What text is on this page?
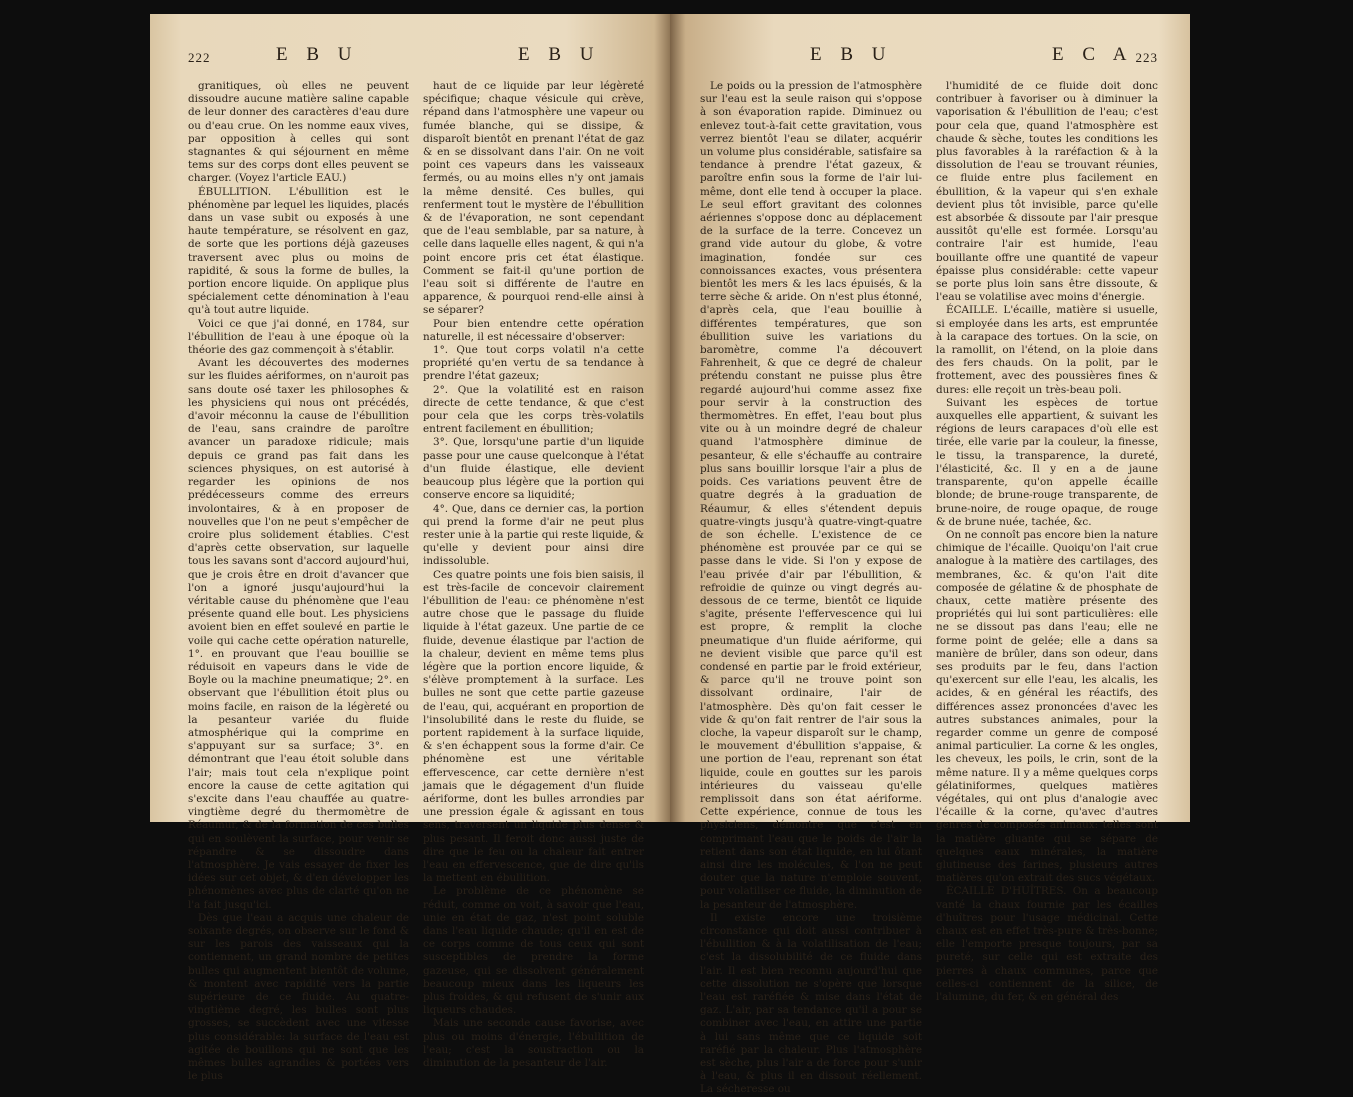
222	E B U	E B U

granitiques, où elles ne peuvent dissoudre aucune matière saline capable de leur donner des caractères d'eau dure ou d'eau crue. On les nomme eaux vives, par opposition à celles qui sont stagnantes & qui séjournent en même tems sur des corps dont elles peuvent se charger. (Voyez l'article EAU.)

ÉBULLITION. L'ébullition est le phénomène par lequel les liquides, placés dans un vase subit ou exposés à une haute température, se résolvent en gaz, de sorte que les portions déjà gazeuses traversent avec plus ou moins de rapidité, & sous la forme de bulles, la portion encore liquide. On applique plus spécialement cette dénomination à l'eau qu'à tout autre liquide.

Voici ce que j'ai donné, en 1784, sur l'ébullition de l'eau à une époque où la théorie des gaz commençoit à s'établir.

Avant les découvertes des modernes sur les fluides aériformes, on n'auroit pas sans doute osé taxer les philosophes & les physiciens qui nous ont précédés, d'avoir méconnu la cause de l'ébullition de l'eau, sans craindre de paroître avancer un paradoxe ridicule; mais depuis ce grand pas fait dans les sciences physiques, on est autorisé à regarder les opinions de nos prédécesseurs comme des erreurs involontaires, & à en proposer de nouvelles que l'on ne peut s'empêcher de croire plus solidement établies. C'est d'après cette observation, sur laquelle tous les savans sont d'accord aujourd'hui, que je crois être en droit d'avancer que l'on a ignoré jusqu'aujourd'hui la véritable cause du phénomène que l'eau présente quand elle bout. Les physiciens avoient bien en effet soulevé en partie le voile qui cache cette opération naturelle, 1°. en prouvant que l'eau bouillie se réduisoit en vapeurs dans le vide de Boyle ou la machine pneumatique; 2°. en observant que l'ébullition étoit plus ou moins facile, en raison de la légèreté ou la pesanteur variée du fluide atmosphérique qui la comprime en s'appuyant sur sa surface; 3°. en démontrant que l'eau étoit soluble dans l'air; mais tout cela n'explique point encore la cause de cette agitation qui s'excite dans l'eau chauffée au quatre-vingtième degré du thermomètre de Réaumur, & de la formation de ces bulles qui en soulèvent la surface, pour venir se répandre & se dissoudre dans l'atmosphère. Je vais essayer de fixer les idées sur cet objet, & d'en développer les phénomènes avec plus de clarté qu'on ne l'a fait jusqu'ici.

Dès que l'eau a acquis une chaleur de soixante degrés, on observe sur le fond & sur les parois des vaisseaux qui la contiennent, un grand nombre de petites bulles qui augmentent bientôt de volume, & montent avec rapidité vers la partie supérieure de ce fluide. Au quatre-vingtième degré, les bulles sont plus grosses, se succèdent avec une vitesse plus considérable: la surface de l'eau est agitée de bouillons qui ne sont que les mêmes bulles agrandies & portées vers le plus

haut de ce liquide par leur légèreté spécifique; chaque vésicule qui crève, répand dans l'atmosphère une vapeur ou fumée blanche, qui se dissipe, & disparoît bientôt en prenant l'état de gaz & en se dissolvant dans l'air. On ne voit point ces vapeurs dans les vaisseaux fermés, ou au moins elles n'y ont jamais la même densité. Ces bulles, qui renferment tout le mystère de l'ébullition & de l'évaporation, ne sont cependant que de l'eau semblable, par sa nature, à celle dans laquelle elles nagent, & qui n'a point encore pris cet état élastique. Comment se fait-il qu'une portion de l'eau soit si différente de l'autre en apparence, & pourquoi rend-elle ainsi à se séparer?

Pour bien entendre cette opération naturelle, il est nécessaire d'observer:

1°. Que tout corps volatil n'a cette propriété qu'en vertu de sa tendance à prendre l'état gazeux;

2°. Que la volatilité est en raison directe de cette tendance, & que c'est pour cela que les corps très-volatils entrent facilement en ébullition;

3°. Que, lorsqu'une partie d'un liquide passe pour une cause quelconque à l'état d'un fluide élastique, elle devient beaucoup plus légère que la portion qui conserve encore sa liquidité;

4°. Que, dans ce dernier cas, la portion qui prend la forme d'air ne peut plus rester unie à la partie qui reste liquide, & qu'elle y devient pour ainsi dire indissoluble.

Ces quatre points une fois bien saisis, il est très-facile de concevoir clairement l'ébullition de l'eau: ce phénomène n'est autre chose que le passage du fluide liquide à l'état gazeux. Une partie de ce fluide, devenue élastique par l'action de la chaleur, devient en même tems plus légère que la portion encore liquide, & s'élève promptement à la surface. Les bulles ne sont que cette partie gazeuse de l'eau, qui, acquérant en proportion de l'insolubilité dans le reste du fluide, se portent rapidement à la surface liquide, & s'en échappent sous la forme d'air. Ce phénomène est une véritable effervescence, car cette dernière n'est jamais que le dégagement d'un fluide aériforme, dont les bulles arrondies par une pression égale & agissant en tous sens, traversent un liquide plus dense & plus pesant. Il feroit donc aussi juste de dire que le feu ou la chaleur fait entrer l'eau en effervescence, que de dire qu'ils la mettent en ébullition.

Le problème de ce phénomène se réduit, comme on voit, à savoir que l'eau, unie en état de gaz, n'est point soluble dans l'eau liquide chaude; qu'il en est de ce corps comme de tous ceux qui sont susceptibles de prendre la forme gazeuse, qui se dissolvent généralement beaucoup mieux dans les liqueurs les plus froides, & qui refusent de s'unir aux liqueurs chaudes.

Mais une seconde cause favorise, avec plus ou moins d'énergie, l'ébullition de l'eau; c'est la soustraction ou la diminution de la pesanteur de l'air.

E B U	E C A 223

Le poids ou la pression de l'atmosphère sur l'eau est la seule raison qui s'oppose à son évaporation rapide. Diminuez ou enlevez tout-à-fait cette gravitation, vous verrez bientôt l'eau se dilater, acquérir un volume plus considérable, satisfaire sa tendance à prendre l'état gazeux, & paroître enfin sous la forme de l'air lui-même, dont elle tend à occuper la place. Le seul effort gravitant des colonnes aériennes s'oppose donc au déplacement de la surface de la terre. Concevez un grand vide autour du globe, & votre imagination, fondée sur ces connoissances exactes, vous présentera bientôt les mers & les lacs épuisés, & la terre sèche & aride. On n'est plus étonné, d'après cela, que l'eau bouillie à différentes températures, que son ébullition suive les variations du baromètre, comme l'a découvert Fahrenheit, & que ce degré de chaleur prétendu constant ne puisse plus être regardé aujourd'hui comme assez fixe pour servir à la construction des thermomètres. En effet, l'eau bout plus vite ou à un moindre degré de chaleur quand l'atmosphère diminue de pesanteur, & elle s'échauffe au contraire plus sans bouillir lorsque l'air a plus de poids. Ces variations peuvent être de quatre degrés à la graduation de Réaumur, & elles s'étendent depuis quatre-vingts jusqu'à quatre-vingt-quatre de son échelle. L'existence de ce phénomène est prouvée par ce qui se passe dans le vide. Si l'on y expose de l'eau privée d'air par l'ébullition, & refroidie de quinze ou vingt degrés au-dessous de ce terme, bientôt ce liquide s'agite, présente l'effervescence qui lui est propre, & remplit la cloche pneumatique d'un fluide aériforme, qui ne devient visible que parce qu'il est condensé en partie par le froid extérieur, & parce qu'il ne trouve point son dissolvant ordinaire, l'air de l'atmosphère. Dès qu'on fait cesser le vide & qu'on fait rentrer de l'air sous la cloche, la vapeur disparoît sur le champ, le mouvement d'ébullition s'appaise, & une portion de l'eau, reprenant son état liquide, coule en gouttes sur les parois intérieures du vaisseau qu'elle remplissoit dans son état aériforme. Cette expérience, connue de tous les physiciens, démontre que c'est en comprimant l'eau que le poids de l'air la retient dans son état liquide, en lui ôtant ainsi dire les molécules, & l'on ne peut douter que la nature n'emploie souvent, pour volatiliser ce fluide, la diminution de la pesanteur de l'atmosphère.

Il existe encore une troisième circonstance qui doit aussi contribuer à l'ébullition & à la volatilisation de l'eau; c'est la dissolubilité de ce fluide dans l'air. Il est bien reconnu aujourd'hui que cette dissolution ne s'opère que lorsque l'eau est raréfiée & mise dans l'état de gaz. L'air, par sa tendance qu'il a pour se combiner avec l'eau, en attire une partie à lui sans même que ce liquide soit raréfié par la chaleur. Plus l'atmosphère est sèche, plus l'air a de force pour s'unir à l'eau, & plus il en dissout réellement. La sécheresse ou

l'humidité de ce fluide doit donc contribuer à favoriser ou à diminuer la vaporisation & l'ébullition de l'eau; c'est pour cela que, quand l'atmosphère est chaude & sèche, toutes les conditions les plus favorables à la raréfaction & à la dissolution de l'eau se trouvant réunies, ce fluide entre plus facilement en ébullition, & la vapeur qui s'en exhale devient plus tôt invisible, parce qu'elle est absorbée & dissoute par l'air presque aussitôt qu'elle est formée. Lorsqu'au contraire l'air est humide, l'eau bouillante offre une quantité de vapeur épaisse plus considérable: cette vapeur se porte plus loin sans être dissoute, & l'eau se volatilise avec moins d'énergie.

ÉCAILLE. L'écaille, matière si usuelle, si employée dans les arts, est empruntée à la carapace des tortues. On la scie, on la ramollit, on l'étend, on la ploie dans des fers chauds. On la polit, par le frottement, avec des poussières fines & dures: elle reçoit un très-beau poli.

Suivant les espèces de tortue auxquelles elle appartient, & suivant les régions de leurs carapaces d'où elle est tirée, elle varie par la couleur, la finesse, le tissu, la transparence, la dureté, l'élasticité, &c. Il y en a de jaune transparente, qu'on appelle écaille blonde; de brune-rouge transparente, de brune-noire, de rouge opaque, de rouge & de brune nuée, tachée, &c.

On ne connoît pas encore bien la nature chimique de l'écaille. Quoiqu'on l'ait crue analogue à la matière des cartilages, des membranes, &c. & qu'on l'ait dite composée de gélatine & de phosphate de chaux, cette matière présente des propriétés qui lui sont particulières: elle ne se dissout pas dans l'eau; elle ne forme point de gelée; elle a dans sa manière de brûler, dans son odeur, dans ses produits par le feu, dans l'action qu'exercent sur elle l'eau, les alcalis, les acides, & en général les réactifs, des différences assez prononcées d'avec les autres substances animales, pour la regarder comme un genre de composé animal particulier. La corne & les ongles, les cheveux, les poils, le crin, sont de la même nature. Il y a même quelques corps gélatiniformes, quelques matières végétales, qui ont plus d'analogie avec l'écaille & la corne, qu'avec d'autres genres de composés animaux: telles sont la matière gluante qui se sépare de quelques eaux minérales, la matière glutineuse des farines, plusieurs autres matières qu'on extrait des sucs végétaux.

ÉCAILLE D'HUÎTRES. On a beaucoup vanté la chaux fournie par les écailles d'huîtres pour l'usage médicinal. Cette chaux est en effet très-pure & très-bonne; elle l'emporte presque toujours, par sa pureté, sur celle qui est extraite des pierres à chaux communes, parce que celles-ci contiennent de la silice, de l'alumine, du fer, & en général des
